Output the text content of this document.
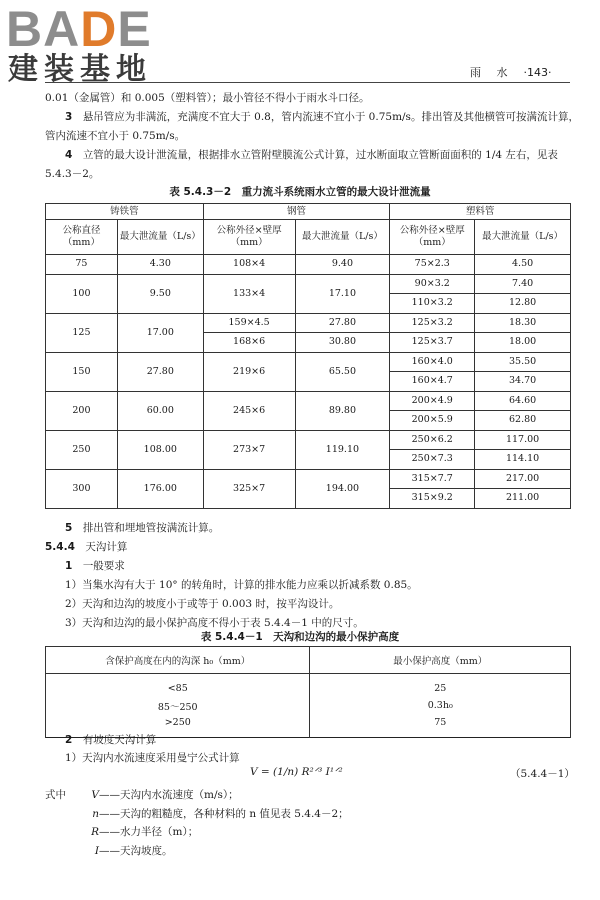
BADE
建装基地	雨 水 ·143·

0.01（金属管）和 0.005（塑料管）；最小管径不得小于雨水斗口径。

3　 悬吊管应为非满流，充满度不宜大于 0.8，管内流速不宜小于 0.75m/s。排出管及其他横管可按满流计算，管内流速不宜小于 0.75m/s。

4　 立管的最大设计泄流量，根据排水立管附壁膜流公式计算，过水断面取立管断面面积的 1/4 左右，见表 5.4.3－2。

表 5.4.3－2　重力流斗系统雨水立管的最大设计泄流量
铸铁管		钢管		塑料管	
公称直径（mm）	最大泄流量（L/s）	公称外径×壁厚（mm）	最大泄流量（L/s）	公称外径×壁厚（mm）	最大泄流量（L/s）
75	4.30	108×4	9.40	75×2.3	4.50
100	9.50	133×4	17.10	90×3.2	7.40
				110×3.2	12.80
125	17.00	159×4.5	27.80	125×3.2	18.30
		168×6	30.80	125×3.7	18.00
150	27.80	219×6	65.50	160×4.0	35.50
				160×4.7	34.70
200	60.00	245×6	89.80	200×4.9	64.60
				200×5.9	62.80
250	108.00	273×7	119.10	250×6.2	117.00
				250×7.3	114.10
300	176.00	325×7	194.00	315×7.7	217.00
				315×9.2	211.00

5　 排出管和埋地管按满流计算。

5.4.4　 天沟计算

1　 一般要求

1）当集水沟有大于 10° 的转角时，计算的排水能力应乘以折减系数 0.85。

2）天沟和边沟的坡度小于或等于 0.003 时，按平沟设计。

3）天沟和边沟的最小保护高度不得小于表 5.4.4－1 中的尺寸。

表 5.4.4－1　天沟和边沟的最小保护高度
含保护高度在内的沟深 h₀（mm）	最小保护高度（mm）
<85	25
85～250	0.3h₀
>250	75

2　 有坡度天沟计算

1）天沟内水流速度采用曼宁公式计算

V = (1/n) R²ᐟ³ I¹ᐟ²	（5.4.4－1）
式中 V——天沟内水流速度（m/s）；
n——天沟的粗糙度，各种材料的 n 值见表 5.4.4－2；
R——水力半径（m）；
I——天沟坡度。
